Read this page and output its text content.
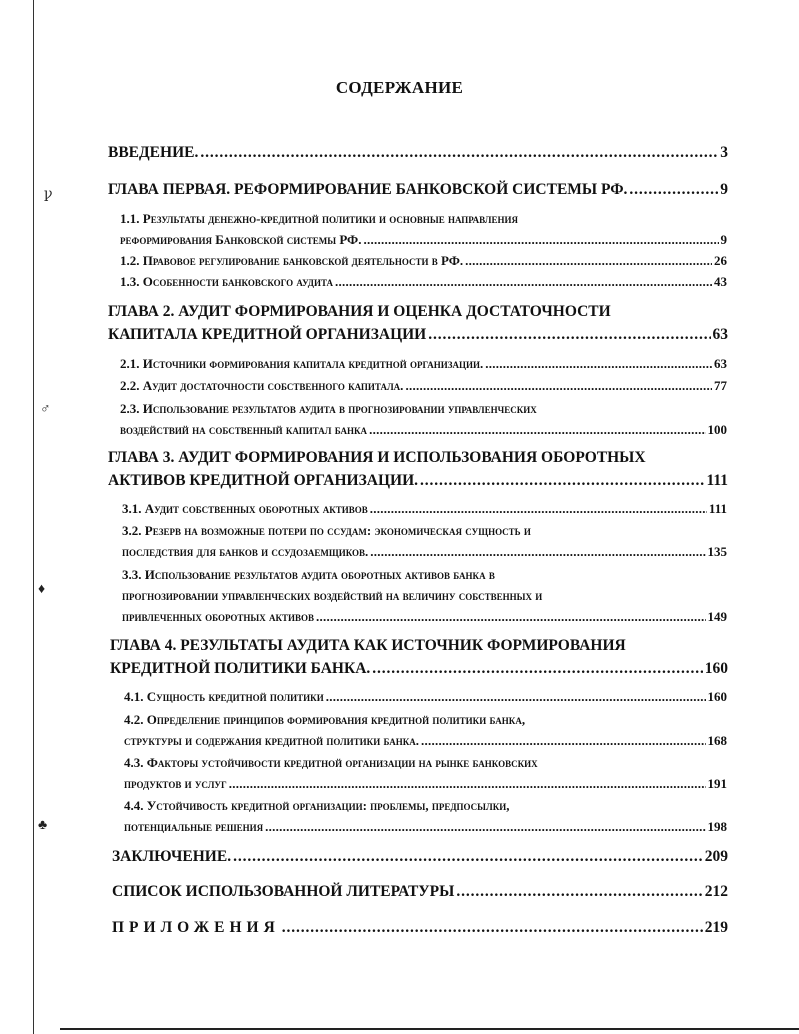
ꝩ
♂
♦
♣
СОДЕРЖАНИЕ
ВВЕДЕНИЕ. . . .	3
ГЛАВА ПЕРВАЯ. РЕФОРМИРОВАНИЕ БАНКОВСКОЙ СИСТЕМЫ РФ. . . .	9
1.1. Результаты денежно-кредитной политики и основные направления
реформирования Банковской системы РФ. . . .	9
1.2. Правовое регулирование банковской деятельности в РФ. . . .	26
1.3. Особенности банковского аудита . . .	43
ГЛАВА 2. АУДИТ ФОРМИРОВАНИЯ И ОЦЕНКА ДОСТАТОЧНОСТИ
КАПИТАЛА КРЕДИТНОЙ ОРГАНИЗАЦИИ . . .	63
2.1. Источники формирования капитала кредитной организации. . . .	63
2.2. Аудит достаточности собственного капитала. . . .	77
2.3. Использование результатов аудита в прогнозировании управленческих
воздействий на собственный капитал банка . . .	100
ГЛАВА 3. АУДИТ ФОРМИРОВАНИЯ И ИСПОЛЬЗОВАНИЯ ОБОРОТНЫХ
АКТИВОВ КРЕДИТНОЙ ОРГАНИЗАЦИИ. . . .	111
3.1. Аудит собственных оборотных активов . . .	111
3.2. Резерв на возможные потери по ссудам: экономическая сущность и
последствия для банков и ссудозаемщиков. . . .	135
3.3. Использование результатов аудита оборотных активов банка в
прогнозировании управленческих воздействий на величину собственных и
привлеченных оборотных активов . . .	149
ГЛАВА 4. РЕЗУЛЬТАТЫ АУДИТА КАК ИСТОЧНИК ФОРМИРОВАНИЯ
КРЕДИТНОЙ ПОЛИТИКИ БАНКА. . . .	160
4.1. Сущность кредитной политики . . .	160
4.2. Определение принципов формирования кредитной политики банка,
структуры и содержания кредитной политики банка. . . .	168
4.3. Факторы устойчивости кредитной организации на рынке банковских
продуктов и услуг . . .	191
4.4. Устойчивость кредитной организации: проблемы, предпосылки,
потенциальные решения . . .	198
ЗАКЛЮЧЕНИЕ. . . .	209
СПИСОК ИСПОЛЬЗОВАННОЙ ЛИТЕРАТУРЫ . . .	212
ПРИЛОЖЕНИЯ . . .	219
